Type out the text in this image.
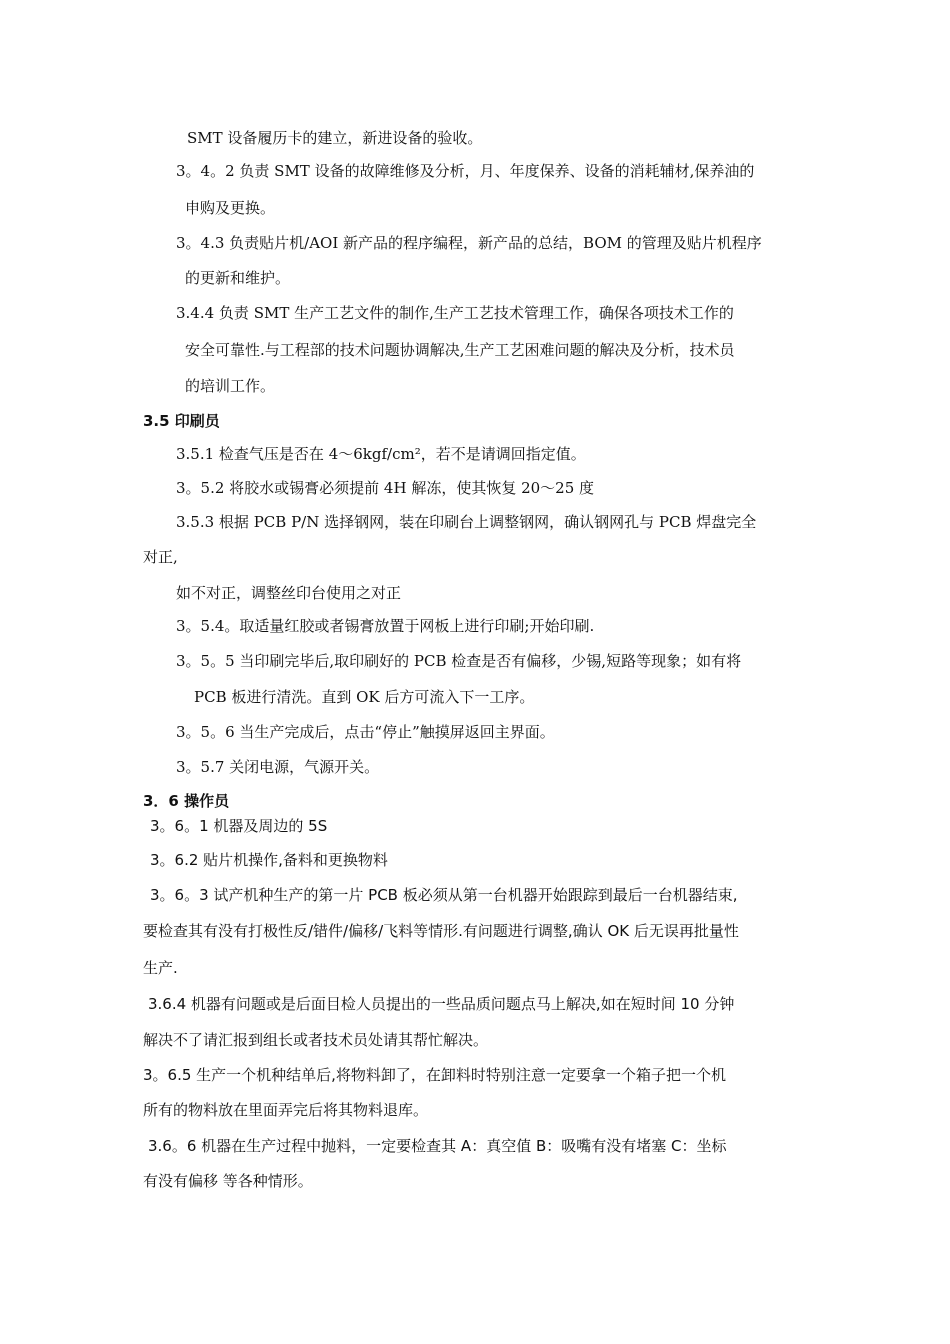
SMT 设备履历卡的建立，新进设备的验收。
3。4。2 负责 SMT 设备的故障维修及分析，月、年度保养、设备的消耗辅材,保养油的
申购及更换。
3。4.3 负责贴片机/AOI 新产品的程序编程，新产品的总结，BOM 的管理及贴片机程序
的更新和维护。
3.4.4 负责 SMT 生产工艺文件的制作,生产工艺技术管理工作，确保各项技术工作的
安全可靠性.与工程部的技术问题协调解决,生产工艺困难问题的解决及分析，技术员
的培训工作。
3.5 印刷员
3.5.1 检查气压是否在 4～6kgf/cm²，若不是请调回指定值。
3。5.2 将胶水或锡膏必须提前 4H 解冻，使其恢复 20～25 度
3.5.3 根据 PCB P/N 选择钢网，装在印刷台上调整钢网，确认钢网孔与 PCB 焊盘完全
对正,
如不对正，调整丝印台使用之对正
3。5.4。取适量红胶或者锡膏放置于网板上进行印刷;开始印刷.
3。5。5 当印刷完毕后,取印刷好的 PCB 检查是否有偏移，少锡,短路等现象；如有将
PCB 板进行清洗。直到 OK 后方可流入下一工序。
3。5。6 当生产完成后，点击“停止”触摸屏返回主界面。
3。5.7 关闭电源，气源开关。
3．6 操作员
3。6。1 机器及周边的 5S
3。6.2 贴片机操作,备料和更换物料
3。6。3 试产机种生产的第一片 PCB 板必须从第一台机器开始跟踪到最后一台机器结束,
要检查其有没有打极性反/错件/偏移/飞料等情形.有问题进行调整,确认 OK 后无误再批量性
生产.
3.6.4 机器有问题或是后面目检人员提出的一些品质问题点马上解决,如在短时间 10 分钟
解决不了请汇报到组长或者技术员处请其帮忙解决。
3。6.5 生产一个机种结单后,将物料卸了，在卸料时特别注意一定要拿一个箱子把一个机
所有的物料放在里面弄完后将其物料退库。
3.6。6 机器在生产过程中抛料，一定要检查其 A：真空值 B：吸嘴有没有堵塞 C：坐标
有没有偏移 等各种情形。
